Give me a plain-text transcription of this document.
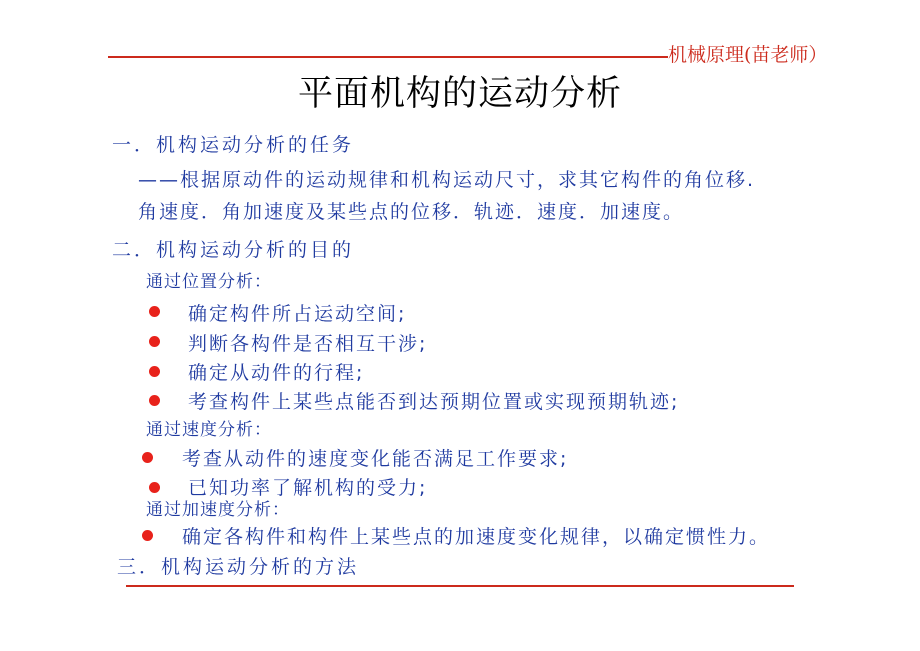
机械原理(苗老师）
平面机构的运动分析
一．机构运动分析的任务
——根据原动件的运动规律和机构运动尺寸，求其它构件的角位移.
角速度．角加速度及某些点的位移．轨迹．速度．加速度。
二．机构运动分析的目的
通过位置分析：
确定构件所占运动空间;
判断各构件是否相互干涉;
确定从动件的行程;
考查构件上某些点能否到达预期位置或实现预期轨迹;
通过速度分析：
考查从动件的速度变化能否满足工作要求;
已知功率了解机构的受力;
通过加速度分析：
确定各构件和构件上某些点的加速度变化规律，以确定惯性力。
三．机构运动分析的方法
